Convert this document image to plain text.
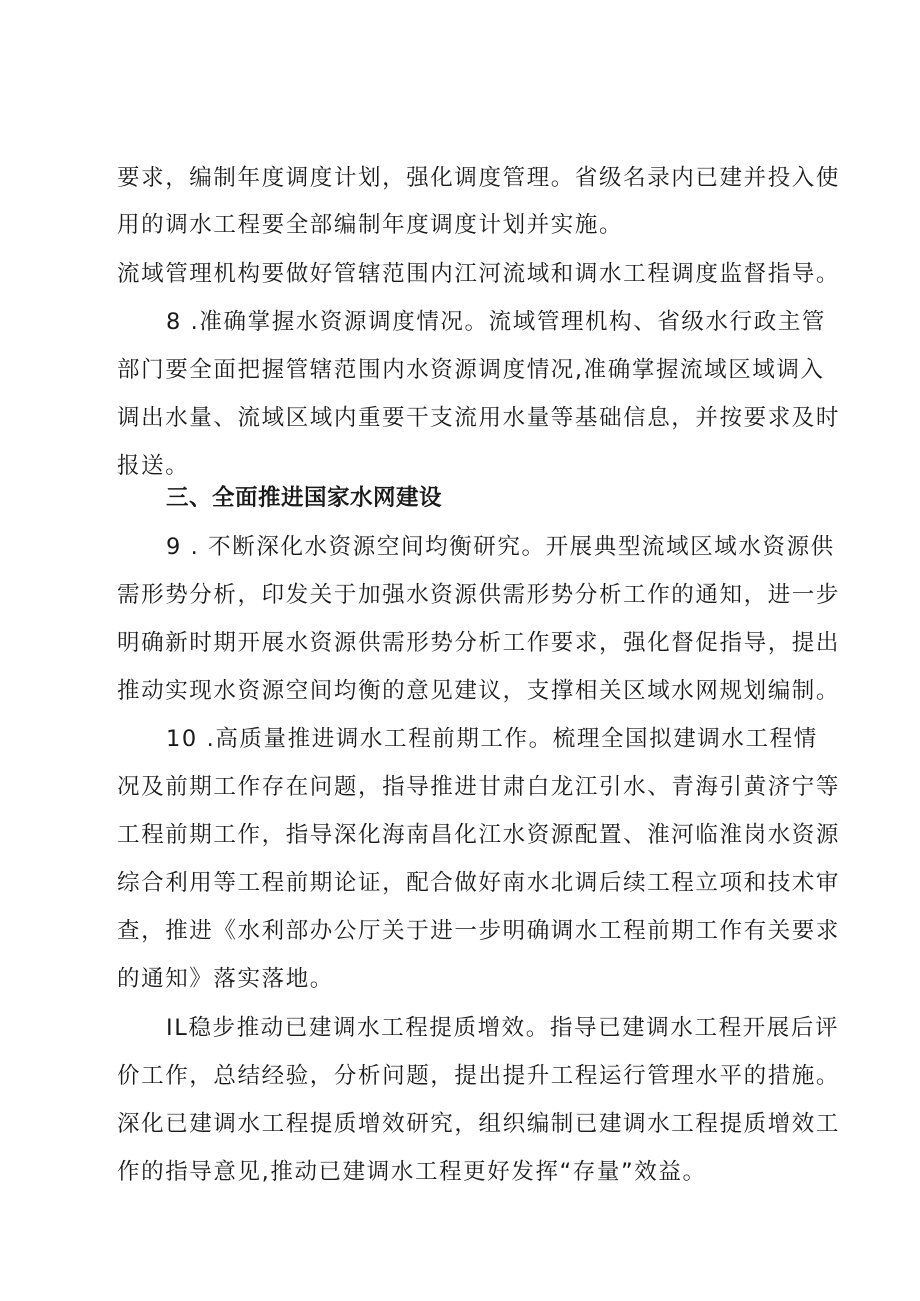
要求，编制年度调度计划，强化调度管理。省级名录内已建并投入使
用的调水工程要全部编制年度调度计划并实施。
流域管理机构要做好管辖范围内江河流域和调水工程调度监督指导。
8 .准确掌握水资源调度情况。流域管理机构、省级水行政主管
部门要全面把握管辖范围内水资源调度情况,准确掌握流域区域调入
调出水量、流域区域内重要干支流用水量等基础信息，并按要求及时
报送。
三、全面推进国家水网建设
9 . 不断深化水资源空间均衡研究。开展典型流域区域水资源供
需形势分析，印发关于加强水资源供需形势分析工作的通知，进一步
明确新时期开展水资源供需形势分析工作要求，强化督促指导，提出
推动实现水资源空间均衡的意见建议，支撑相关区域水网规划编制。
10 .高质量推进调水工程前期工作。梳理全国拟建调水工程情
况及前期工作存在问题，指导推进甘肃白龙江引水、青海引黄济宁等
工程前期工作，指导深化海南昌化江水资源配置、淮河临淮岗水资源
综合利用等工程前期论证，配合做好南水北调后续工程立项和技术审
查，推进《水利部办公厅关于进一步明确调水工程前期工作有关要求
的通知》落实落地。
IL稳步推动已建调水工程提质增效。指导已建调水工程开展后评
价工作，总结经验，分析问题，提出提升工程运行管理水平的措施。
深化已建调水工程提质增效研究，组织编制已建调水工程提质增效工
作的指导意见,推动已建调水工程更好发挥“存量”效益。
